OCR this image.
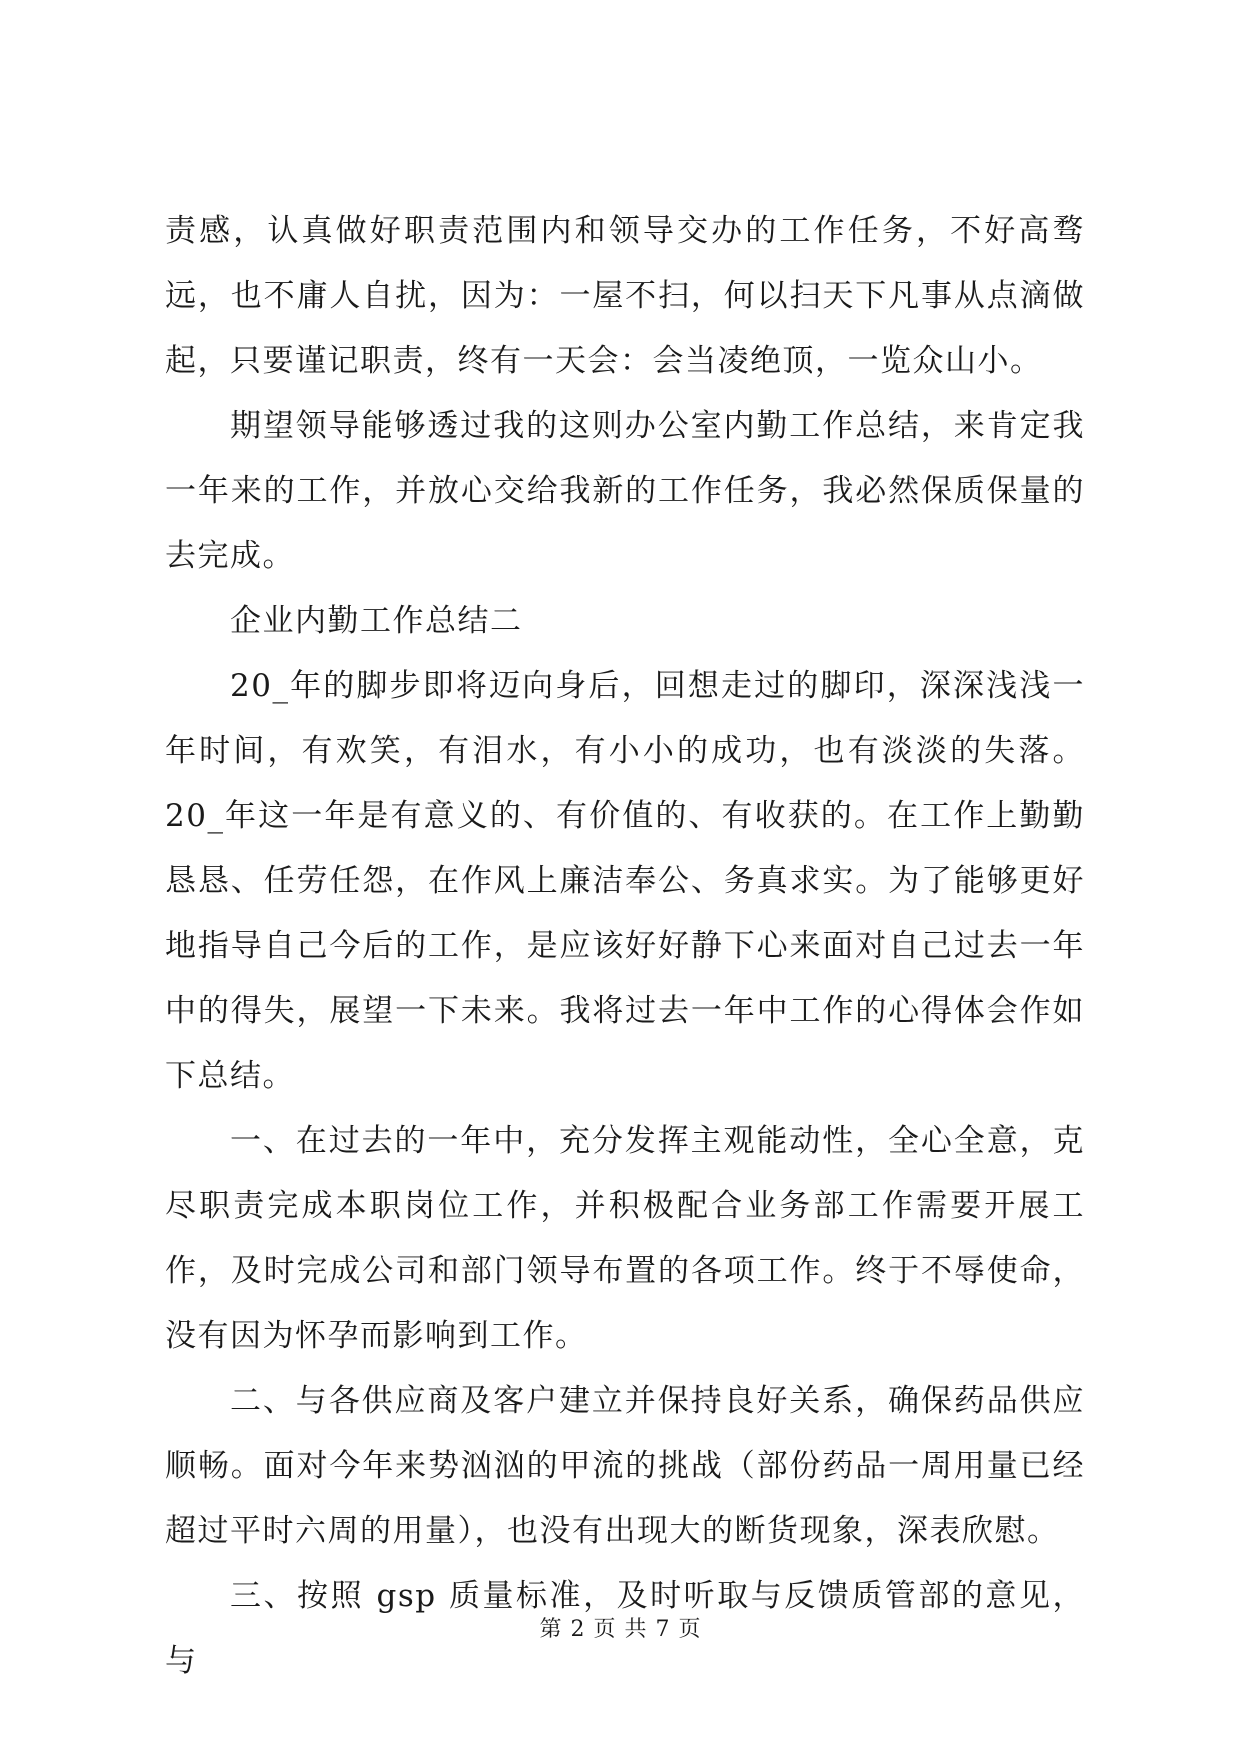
责感，认真做好职责范围内和领导交办的工作任务，不好高骛远，也不庸人自扰，因为：一屋不扫，何以扫天下凡事从点滴做起，只要谨记职责，终有一天会：会当凌绝顶，一览众山小。

期望领导能够透过我的这则办公室内勤工作总结，来肯定我一年来的工作，并放心交给我新的工作任务，我必然保质保量的去完成。

企业内勤工作总结二

20_年的脚步即将迈向身后，回想走过的脚印，深深浅浅一年时间，有欢笑，有泪水，有小小的成功，也有淡淡的失落。20_年这一年是有意义的、有价值的、有收获的。在工作上勤勤恳恳、任劳任怨，在作风上廉洁奉公、务真求实。为了能够更好地指导自己今后的工作，是应该好好静下心来面对自己过去一年中的得失，展望一下未来。我将过去一年中工作的心得体会作如下总结。

一、在过去的一年中，充分发挥主观能动性，全心全意，克尽职责完成本职岗位工作，并积极配合业务部工作需要开展工作，及时完成公司和部门领导布置的各项工作。终于不辱使命，没有因为怀孕而影响到工作。

二、与各供应商及客户建立并保持良好关系，确保药品供应顺畅。面对今年来势汹汹的甲流的挑战（部份药品一周用量已经超过平时六周的用量），也没有出现大的断货现象，深表欣慰。

三、按照 gsp 质量标准，及时听取与反馈质管部的意见，与

第 2 页 共 7 页
